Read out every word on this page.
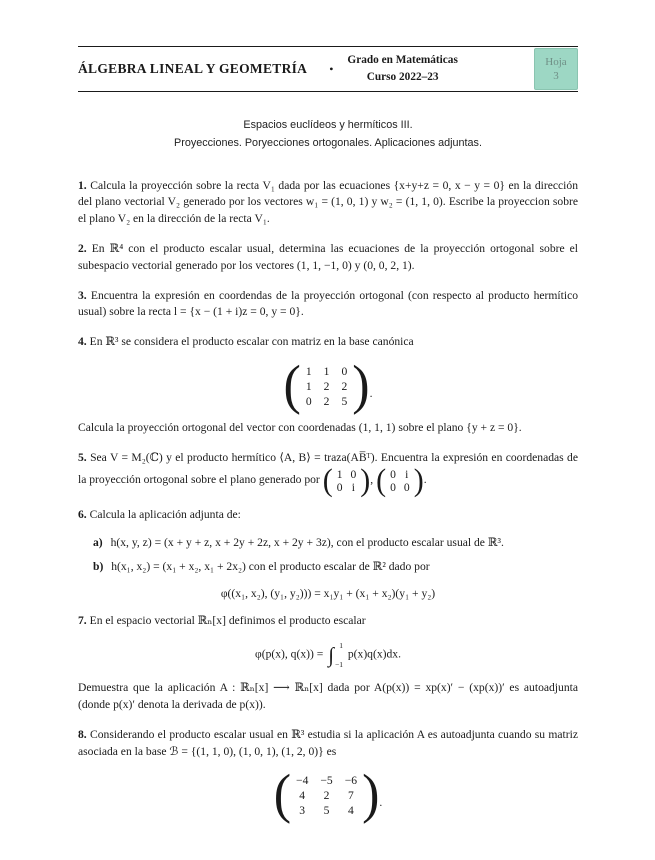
ÁLGEBRA LINEAL Y GEOMETRÍA •
Grado en Matemáticas
Curso 2022–23
Hoja
3
Espacios euclídeos y hermíticos III.
Proyecciones. Poryecciones ortogonales. Aplicaciones adjuntas.

1. Calcula la proyección sobre la recta V₁ dada por las ecuaciones {x+y+z = 0, x − y = 0} en la dirección del plano vectorial V₂ generado por los vectores w₁ = (1, 0, 1) y w₂ = (1, 1, 0). Escribe la proyeccion sobre el plano V₂ en la dirección de la recta V₁.

2. En ℝ⁴ con el producto escalar usual, determina las ecuaciones de la proyección ortogonal sobre el subespacio vectorial generado por los vectores (1, 1, −1, 0) y (0, 0, 2, 1).

3. Encuentra la expresión en coordendas de la proyección ortogonal (con respecto al producto hermítico usual) sobre la recta l = {x − (1 + i)z = 0, y = 0}.

4. En ℝ³ se considera el producto escalar con matriz en la base canónica

( 1 1 0
1 2 2
0 2 5 ) .

Calcula la proyección ortogonal del vector con coordenadas (1, 1, 1) sobre el plano {y + z = 0}.

5. Sea V = M₂(ℂ) y el producto hermítico ⟨A, B⟩ = traza(AB̅ᵀ). Encuentra la expresión en coordenadas de la proyección ortogonal sobre el plano generado por ( 1 0
0 i ) , ( 0 i
0 0 ) .

6. Calcula la aplicación adjunta de:

a) h(x, y, z) = (x + y + z, x + 2y + 2z, x + 2y + 3z), con el producto escalar usual de ℝ³.

b) h(x₁, x₂) = (x₁ + x₂, x₁ + 2x₂) con el producto escalar de ℝ² dado por

φ((x₁, x₂), (y₁, y₂))) = x₁y₁ + (x₁ + x₂)(y₁ + y₂)

7. En el espacio vectorial ℝₙ[x] definimos el producto escalar

φ(p(x), q(x)) = ∫ 1
−1
p(x)q(x)dx.

Demuestra que la aplicación A : ℝₙ[x] ⟶ ℝₙ[x] dada por A(p(x)) = xp(x)′ − (xp(x))′ es autoadjunta (donde p(x)′ denota la derivada de p(x)).

8. Considerando el producto escalar usual en ℝ³ estudia si la aplicación A es autoadjunta cuando su matriz asociada en la base ℬ = {(1, 1, 0), (1, 0, 1), (1, 2, 0)} es

( −4 −5 −6
4 2 7
3 5 4 ) .
